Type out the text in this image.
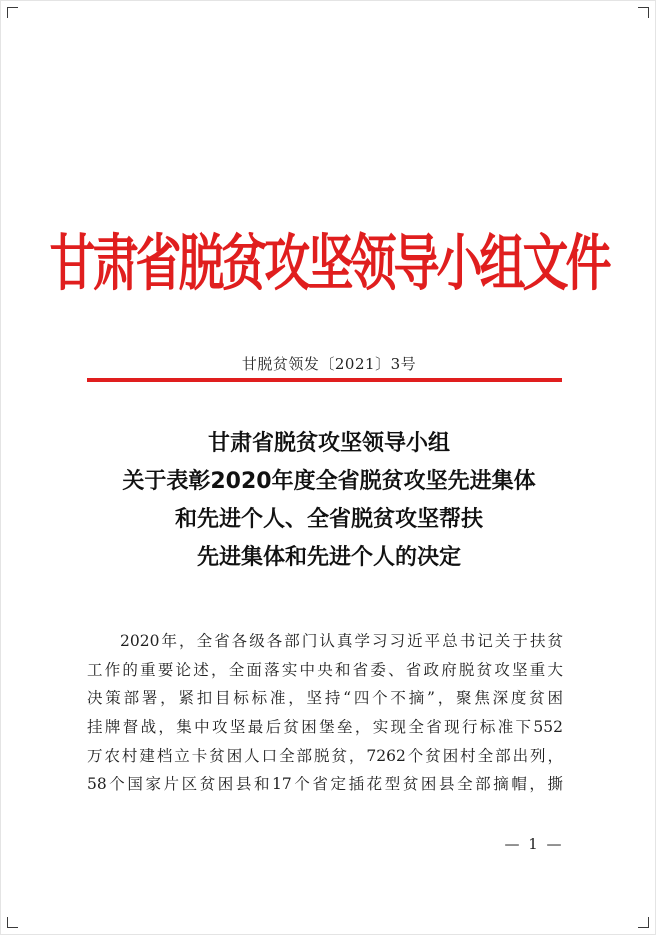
甘肃省脱贫攻坚领导小组文件
甘脱贫领发〔2021〕3号
甘肃省脱贫攻坚领导小组
关于表彰2020年度全省脱贫攻坚先进集体
和先进个人、全省脱贫攻坚帮扶
先进集体和先进个人的决定
2020年，全省各级各部门认真学习习近平总书记关于扶贫
工作的重要论述，全面落实中央和省委、省政府脱贫攻坚重大
决策部署，紧扣目标标准，坚持“四个不摘”，聚焦深度贫困
挂牌督战，集中攻坚最后贫困堡垒，实现全省现行标准下552
万农村建档立卡贫困人口全部脱贫，7262个贫困村全部出列，
58个国家片区贫困县和17个省定插花型贫困县全部摘帽，撕
— 1 —
